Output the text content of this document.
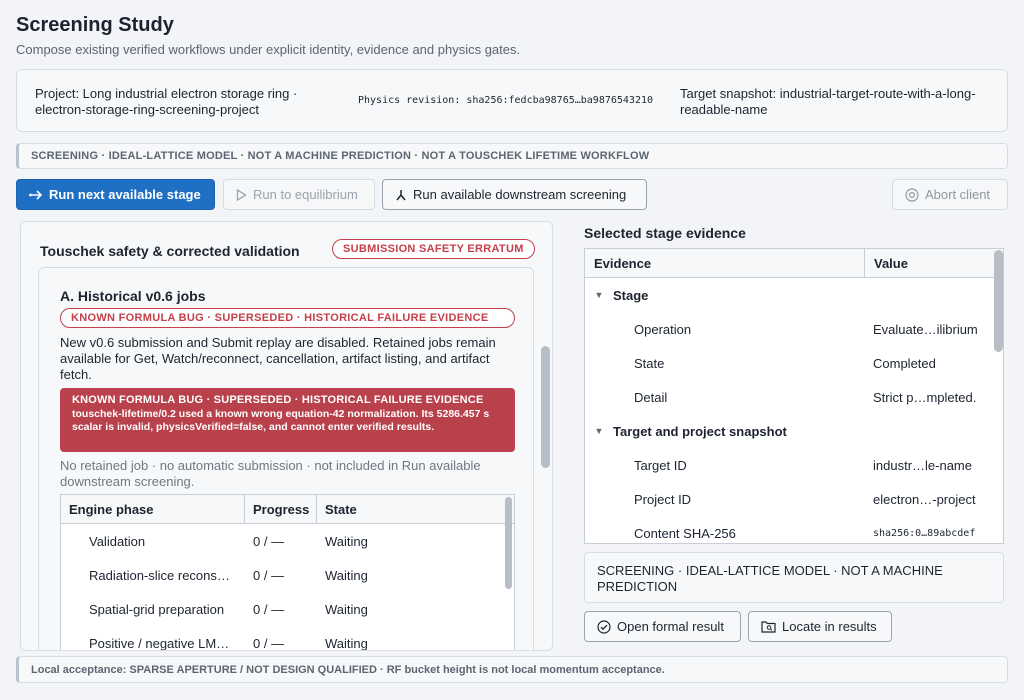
Screening Study
Compose existing verified workflows under explicit identity, evidence and physics gates.
Project: Long industrial electron storage ring · electron-storage-ring-screening-project
Physics revision: sha256:fedcba98765…ba9876543210 Target snapshot: industrial-target-route-with-a-long-readable-name
SCREENING · IDEAL-LATTICE MODEL · NOT A MACHINE PREDICTION · NOT A TOUSCHEK LIFETIME WORKFLOW
Run next available stage	Run to equilibrium	Run available downstream screening	Abort client
Touschek safety & corrected validation	SUBMISSION SAFETY ERRATUM
A. Historical v0.6 jobs
KNOWN FORMULA BUG · SUPERSEDED · HISTORICAL FAILURE EVIDENCE
New v0.6 submission and Submit replay are disabled. Retained jobs remain available for Get, Watch/reconnect, cancellation, artifact listing, and artifact fetch.
KNOWN FORMULA BUG · SUPERSEDED · HISTORICAL FAILURE EVIDENCE
touschek-lifetime/0.2 used a known wrong equation-42 normalization. Its 5286.457 s scalar is invalid, physicsVerified=false, and cannot enter verified results.
No retained job · no automatic submission · not included in Run available downstream screening.
Engine phase	Progress	State
Validation	0 / —	Waiting
Radiation-slice recons…	0 / —	Waiting
Spatial-grid preparation	0 / —	Waiting
Positive / negative LM…	0 / —	Waiting
Selected stage evidence
Evidence	Value
▼ Stage
Operation	Evaluate…ilibrium
State	Completed
Detail	Strict p…mpleted.
▼ Target and project snapshot
Target ID	industr…le-name
Project ID	electron…-project
Content SHA-256	sha256:0…89abcdef
SCREENING · IDEAL-LATTICE MODEL · NOT A MACHINE PREDICTION
Open formal result	Locate in results
Local acceptance: SPARSE APERTURE / NOT DESIGN QUALIFIED · RF bucket height is not local momentum acceptance.
